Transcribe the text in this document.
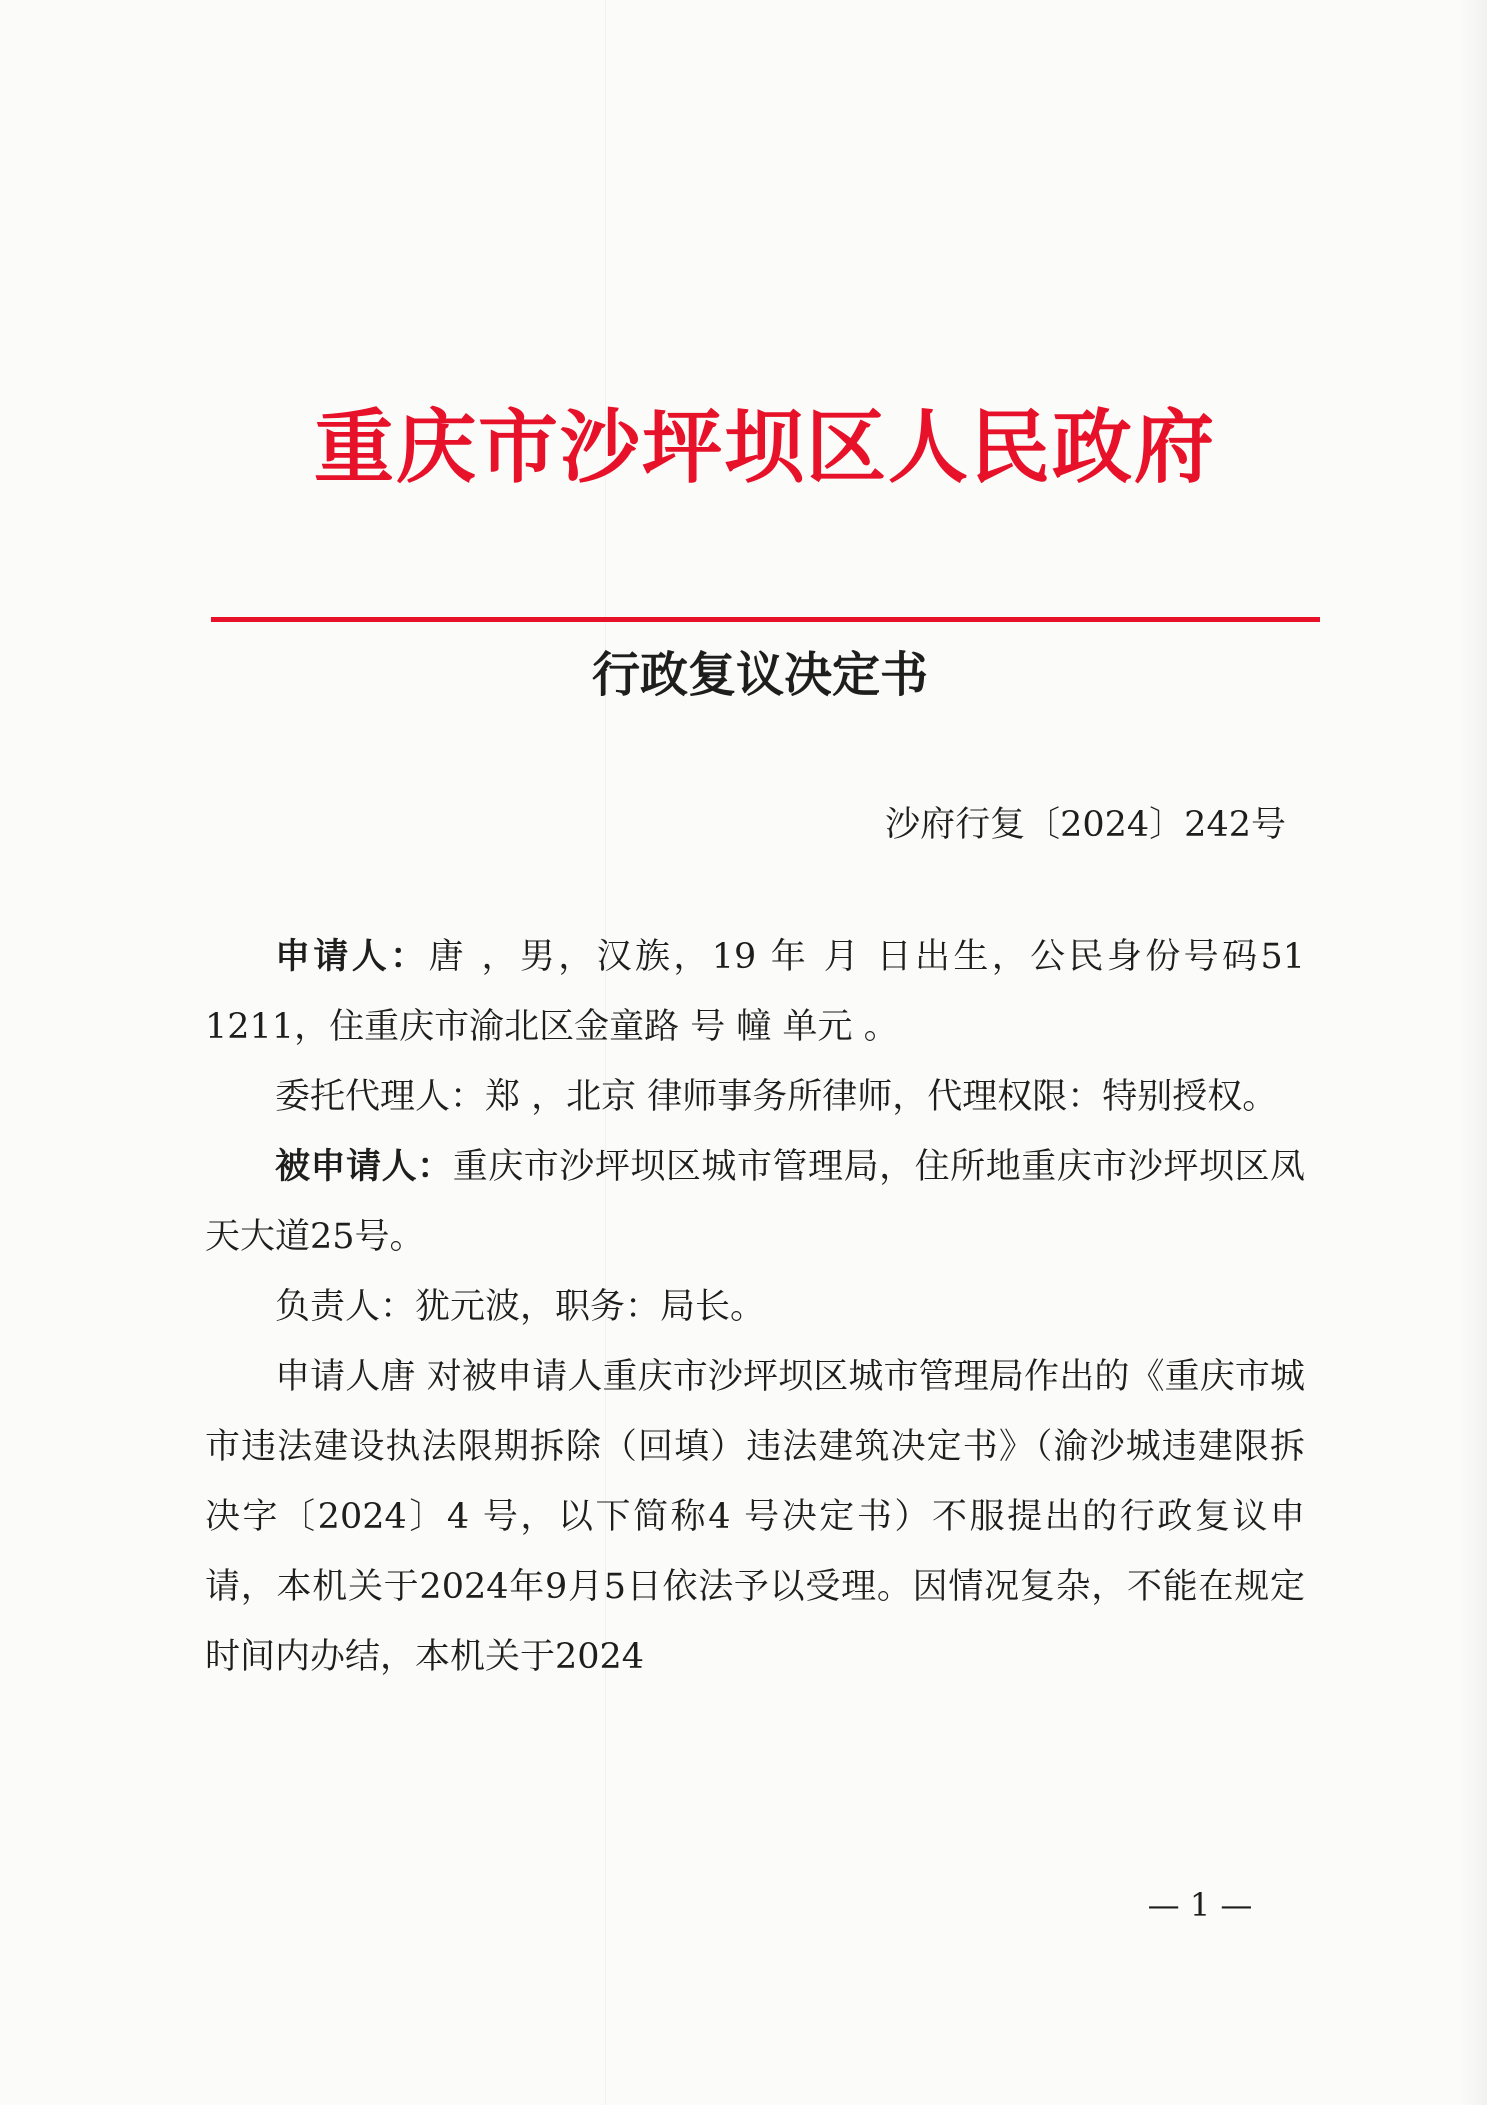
重庆市沙坪坝区人民政府
行政复议决定书
沙府行复〔2024〕242号

申请人：唐 ，男，汉族，19 年 月 日出生，公民身份号码51 1211，住重庆市渝北区金童路 号 幢 单元 。

委托代理人：郑 ，北京 律师事务所律师，代理权限：特别授权。

被申请人：重庆市沙坪坝区城市管理局，住所地重庆市沙坪坝区凤天大道25号。

负责人：犹元波，职务：局长。

申请人唐 对被申请人重庆市沙坪坝区城市管理局作出的《重庆市城市违法建设执法限期拆除（回填）违法建筑决定书》（渝沙城违建限拆决字〔2024〕4 号，以下简称4 号决定书）不服提出的行政复议申请，本机关于2024年9月5日依法予以受理。因情况复杂，不能在规定时间内办结，本机关于2024

— 1 —
